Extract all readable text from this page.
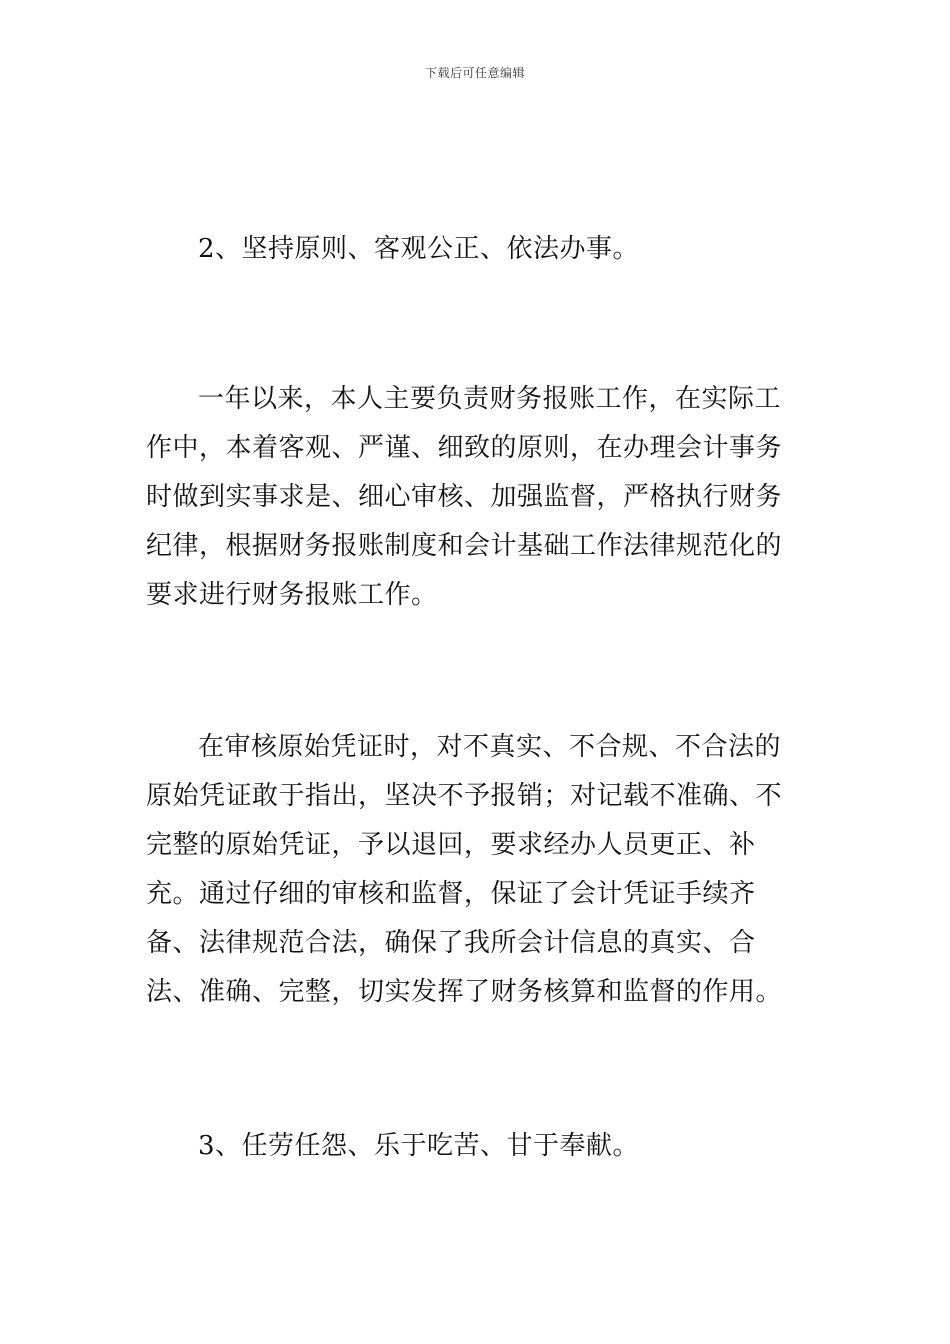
下载后可任意编辑

2、坚持原则、客观公正、依法办事。

一年以来，本人主要负责财务报账工作，在实际工作中，本着客观、严谨、细致的原则，在办理会计事务时做到实事求是、细心审核、加强监督，严格执行财务纪律，根据财务报账制度和会计基础工作法律规范化的要求进行财务报账工作。

在审核原始凭证时，对不真实、不合规、不合法的原始凭证敢于指出，坚决不予报销；对记载不准确、不完整的原始凭证，予以退回，要求经办人员更正、补充。通过仔细的审核和监督，保证了会计凭证手续齐备、法律规范合法，确保了我所会计信息的真实、合法、准确、完整，切实发挥了财务核算和监督的作用。

3、任劳任怨、乐于吃苦、甘于奉献。
